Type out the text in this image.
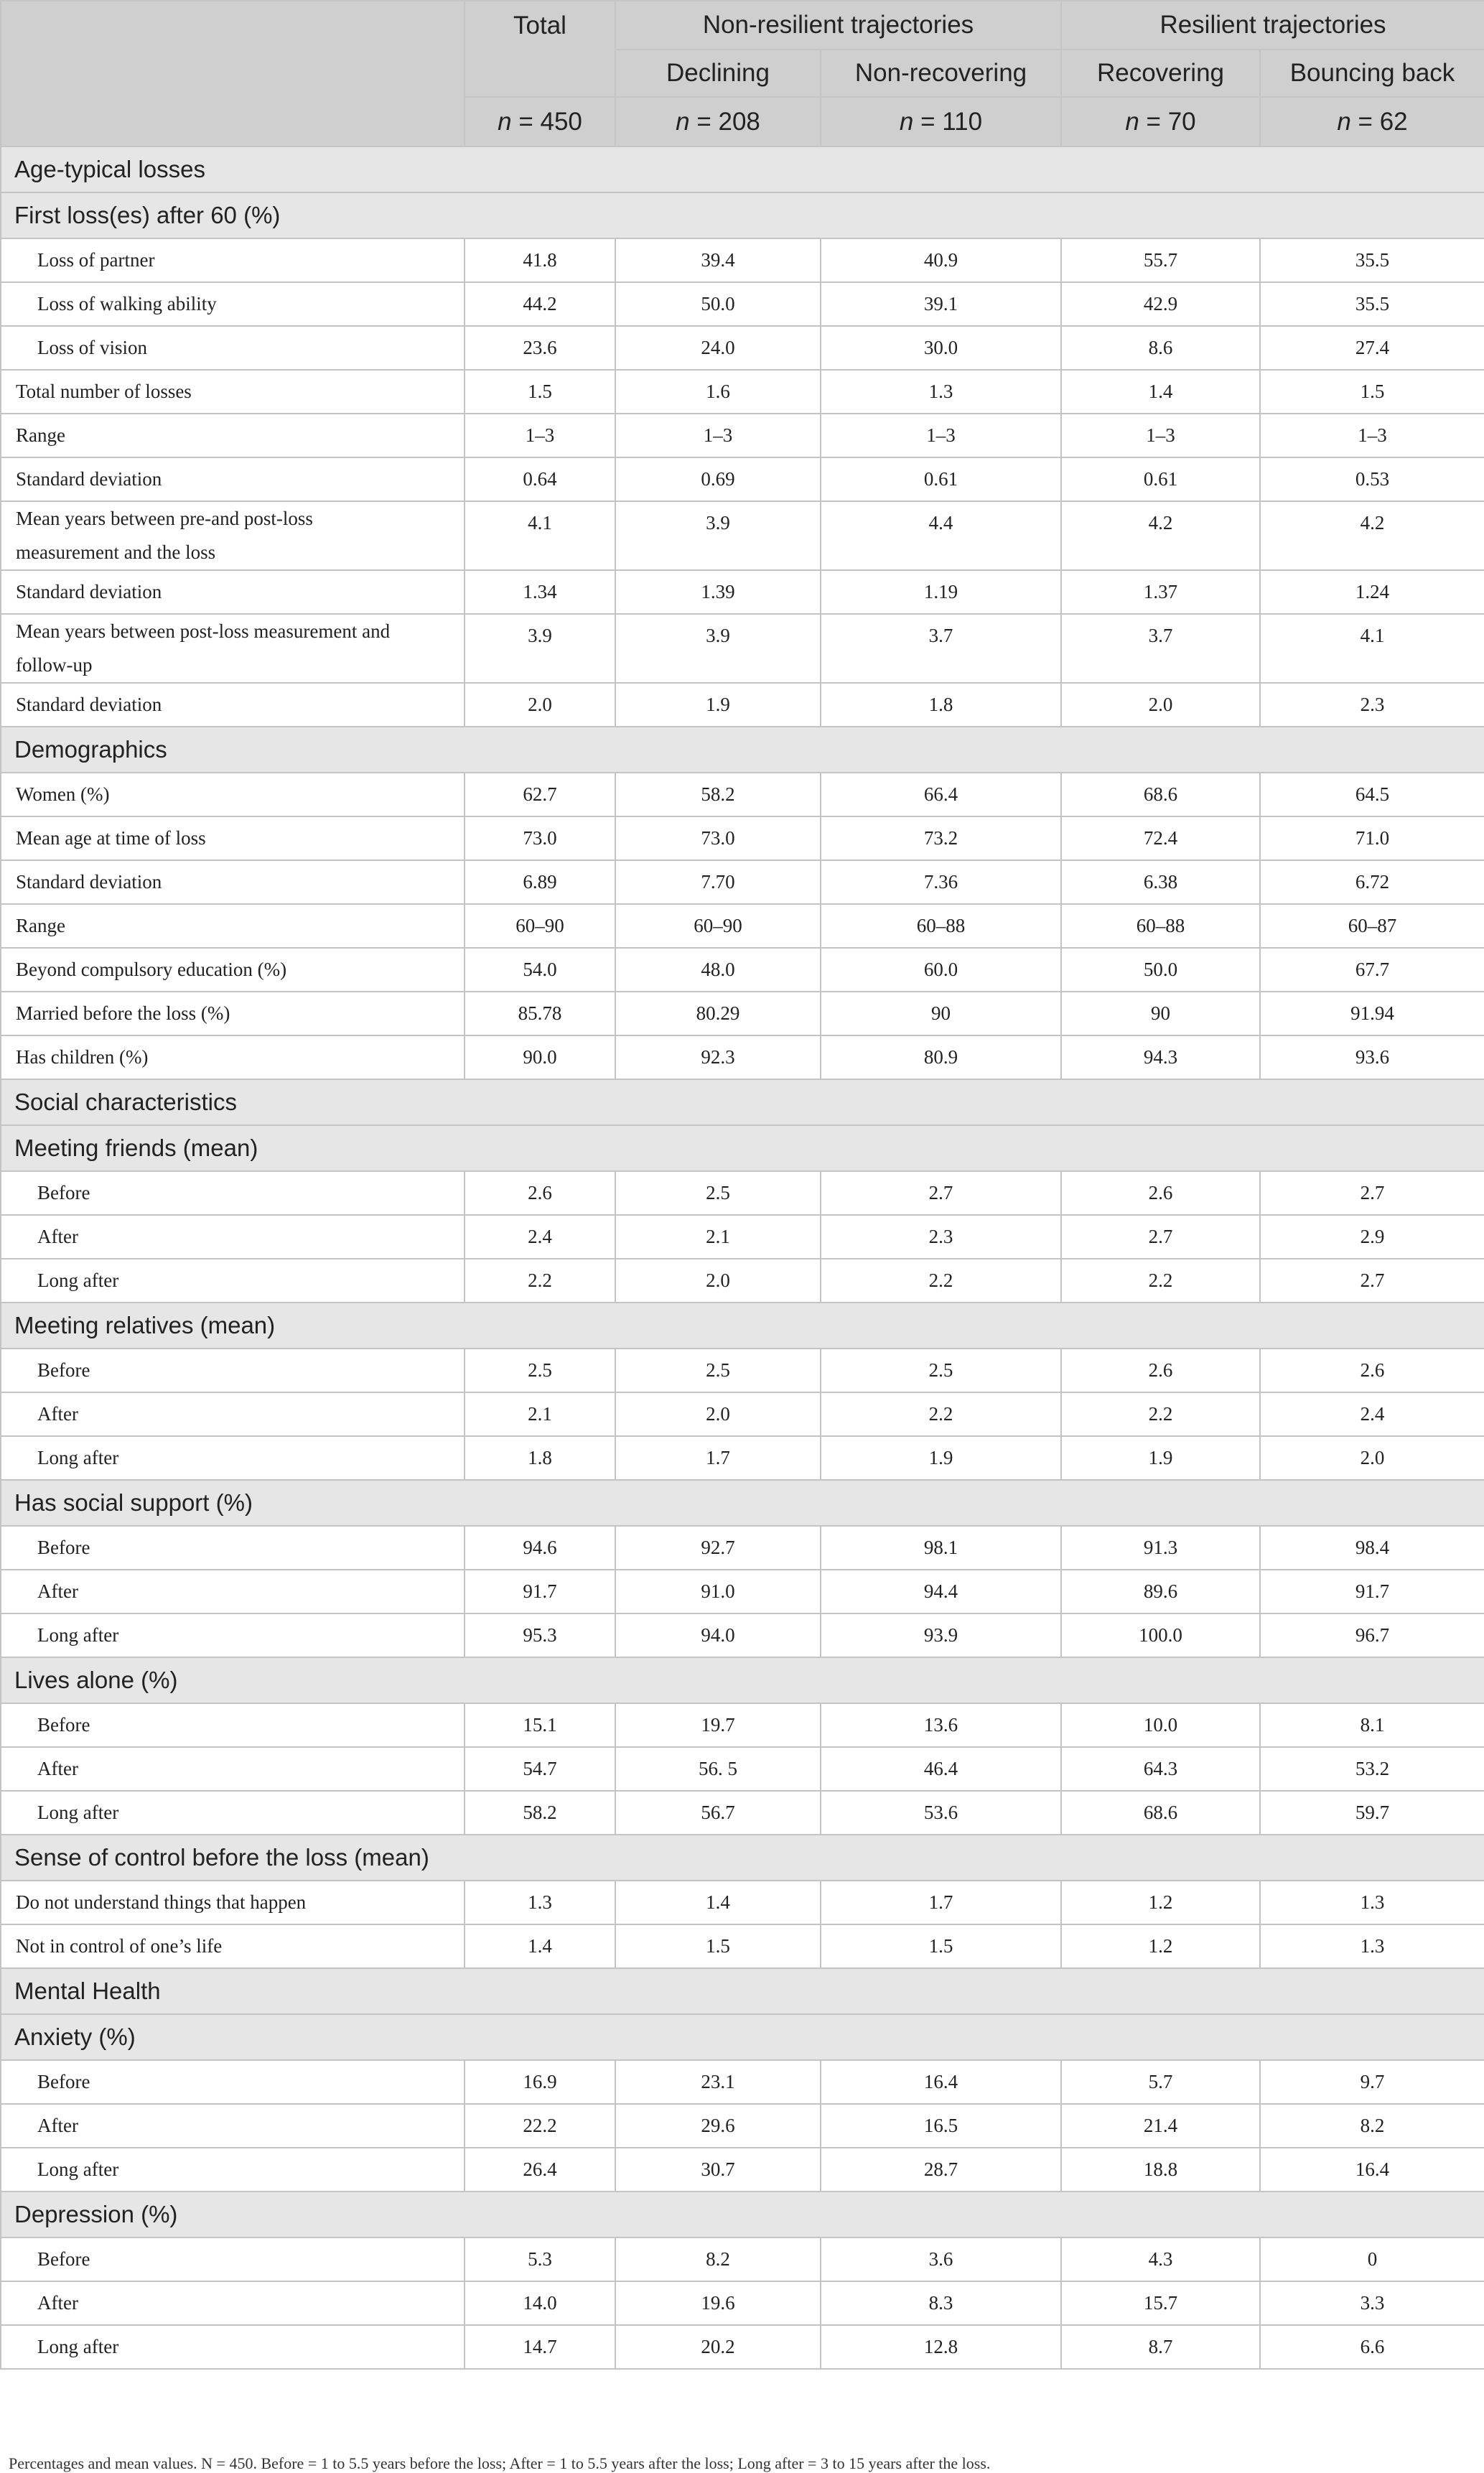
	Total	Non-resilient trajectories		Resilient trajectories	
		Declining	Non-recovering	Recovering	Bouncing back
	n = 450	n = 208	n = 110	n = 70	n = 62
Age-typical losses					
First loss(es) after 60 (%)					
Loss of partner	41.8	39.4	40.9	55.7	35.5
Loss of walking ability	44.2	50.0	39.1	42.9	35.5
Loss of vision	23.6	24.0	30.0	8.6	27.4
Total number of losses	1.5	1.6	1.3	1.4	1.5
Range	1–3	1–3	1–3	1–3	1–3
Standard deviation	0.64	0.69	0.61	0.61	0.53
Mean years between pre-and post-loss
measurement and the loss	4.1	3.9	4.4	4.2	4.2
Standard deviation	1.34	1.39	1.19	1.37	1.24
Mean years between post-loss measurement and
follow-up	3.9	3.9	3.7	3.7	4.1
Standard deviation	2.0	1.9	1.8	2.0	2.3
Demographics					
Women (%)	62.7	58.2	66.4	68.6	64.5
Mean age at time of loss	73.0	73.0	73.2	72.4	71.0
Standard deviation	6.89	7.70	7.36	6.38	6.72
Range	60–90	60–90	60–88	60–88	60–87
Beyond compulsory education (%)	54.0	48.0	60.0	50.0	67.7
Married before the loss (%)	85.78	80.29	90	90	91.94
Has children (%)	90.0	92.3	80.9	94.3	93.6
Social characteristics					
Meeting friends (mean)					
Before	2.6	2.5	2.7	2.6	2.7
After	2.4	2.1	2.3	2.7	2.9
Long after	2.2	2.0	2.2	2.2	2.7
Meeting relatives (mean)					
Before	2.5	2.5	2.5	2.6	2.6
After	2.1	2.0	2.2	2.2	2.4
Long after	1.8	1.7	1.9	1.9	2.0
Has social support (%)					
Before	94.6	92.7	98.1	91.3	98.4
After	91.7	91.0	94.4	89.6	91.7
Long after	95.3	94.0	93.9	100.0	96.7
Lives alone (%)					
Before	15.1	19.7	13.6	10.0	8.1
After	54.7	56. 5	46.4	64.3	53.2
Long after	58.2	56.7	53.6	68.6	59.7
Sense of control before the loss (mean)					
Do not understand things that happen	1.3	1.4	1.7	1.2	1.3
Not in control of one’s life	1.4	1.5	1.5	1.2	1.3
Mental Health					
Anxiety (%)					
Before	16.9	23.1	16.4	5.7	9.7
After	22.2	29.6	16.5	21.4	8.2
Long after	26.4	30.7	28.7	18.8	16.4
Depression (%)					
Before	5.3	8.2	3.6	4.3	0
After	14.0	19.6	8.3	15.7	3.3
Long after	14.7	20.2	12.8	8.7	6.6
Percentages and mean values. N = 450. Before = 1 to 5.5 years before the loss; After = 1 to 5.5 years after the loss; Long after = 3 to 15 years after the loss.
